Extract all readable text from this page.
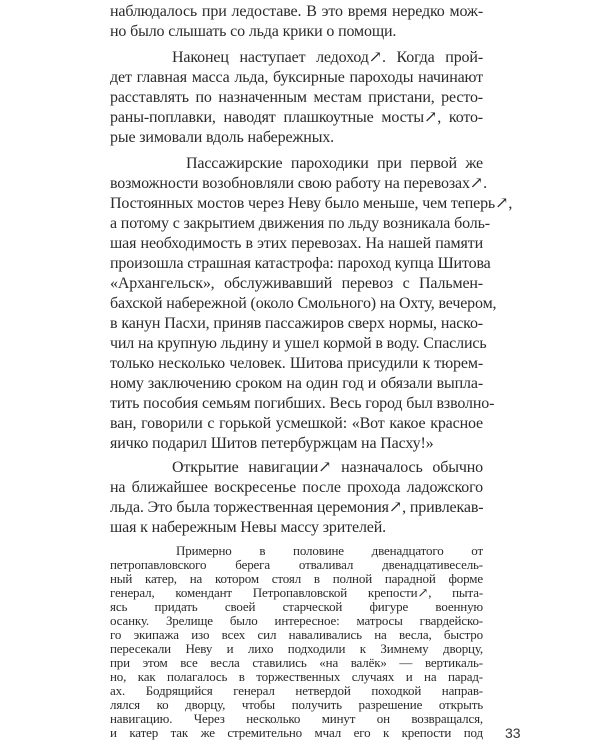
наблюдалось при ледоставе. В это время нередко мож-
но было слышать со льда крики о помощи.
Наконец наступает ледоход↗. Когда прой-
дет главная масса льда, буксирные пароходы начинают
расставлять по назначенным местам пристани, ресто-
раны-поплавки, наводят плашкоутные мосты↗, кото-
рые зимовали вдоль набережных.
Пассажирские пароходики при первой же
возможности возобновляли свою работу на перевозах↗.
Постоянных мостов через Неву было меньше, чем теперь↗,
а потому с закрытием движения по льду возникала боль-
шая необходимость в этих перевозах. На нашей памяти
произошла страшная катастрофа: пароход купца Шитова
«Архангельск», обслуживавший перевоз с Пальмен-
бахской набережной (около Смольного) на Охту, вечером,
в канун Пасхи, приняв пассажиров сверх нормы, наско-
чил на крупную льдину и ушел кормой в воду. Спаслись
только несколько человек. Шитова присудили к тюрем-
ному заключению сроком на один год и обязали выпла-
тить пособия семьям погибших. Весь город был взволно-
ван, говорили с горькой усмешкой: «Вот какое красное
яичко подарил Шитов петербуржцам на Пасху!»
Открытие навигации↗ назначалось обычно
на ближайшее воскресенье после прохода ладожского
льда. Это была торжественная церемония↗, привлекав-
шая к набережным Невы массу зрителей.
Примерно в половине двенадцатого от
петропавловского берега отваливал двенадцативесель-
ный катер, на котором стоял в полной парадной форме
генерал, комендант Петропавловской крепости↗, пыта-
ясь придать своей старческой фигуре военную
осанку. Зрелище было интересное: матросы гвардейско-
го экипажа изо всех сил наваливались на весла, быстро
пересекали Неву и лихо подходили к Зимнему дворцу,
при этом все весла ставились «на валёк» — вертикаль-
но, как полагалось в торжественных случаях и на парад-
33
ах. Бодрящийся генерал нетвердой походкой направ-
лялся ко дворцу, чтобы получить разрешение открыть
навигацию. Через несколько минут он возвращался,
и катер так же стремительно мчал его к крепости под
